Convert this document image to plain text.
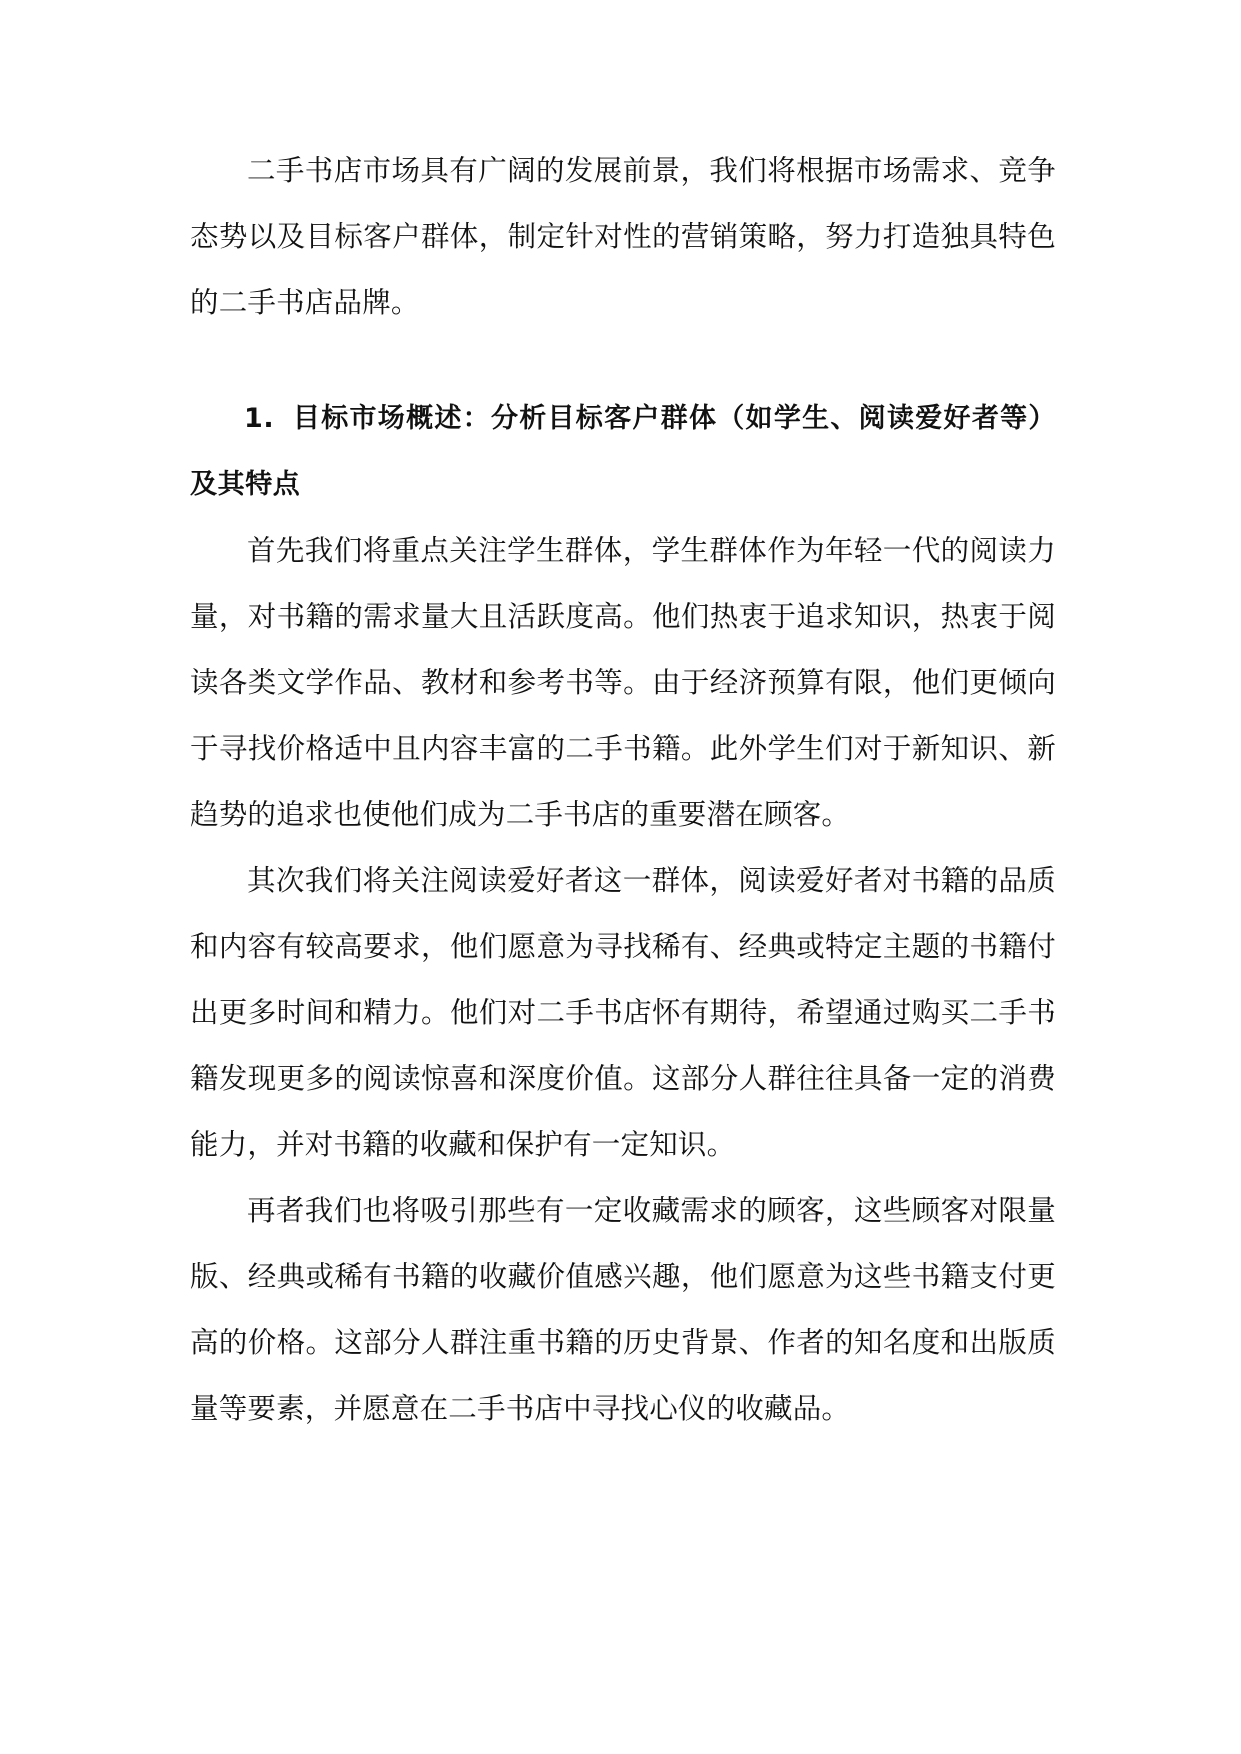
二手书店市场具有广阔的发展前景，我们将根据市场需求、竞争态势以及目标客户群体，制定针对性的营销策略，努力打造独具特色的二手书店品牌。

1. 目标市场概述：分析目标客户群体（如学生、阅读爱好者等）及其特点

首先我们将重点关注学生群体，学生群体作为年轻一代的阅读力量，对书籍的需求量大且活跃度高。他们热衷于追求知识，热衷于阅读各类文学作品、教材和参考书等。由于经济预算有限，他们更倾向于寻找价格适中且内容丰富的二手书籍。此外学生们对于新知识、新趋势的追求也使他们成为二手书店的重要潜在顾客。

其次我们将关注阅读爱好者这一群体，阅读爱好者对书籍的品质和内容有较高要求，他们愿意为寻找稀有、经典或特定主题的书籍付出更多时间和精力。他们对二手书店怀有期待，希望通过购买二手书籍发现更多的阅读惊喜和深度价值。这部分人群往往具备一定的消费能力，并对书籍的收藏和保护有一定知识。

再者我们也将吸引那些有一定收藏需求的顾客，这些顾客对限量版、经典或稀有书籍的收藏价值感兴趣，他们愿意为这些书籍支付更高的价格。这部分人群注重书籍的历史背景、作者的知名度和出版质量等要素，并愿意在二手书店中寻找心仪的收藏品。
